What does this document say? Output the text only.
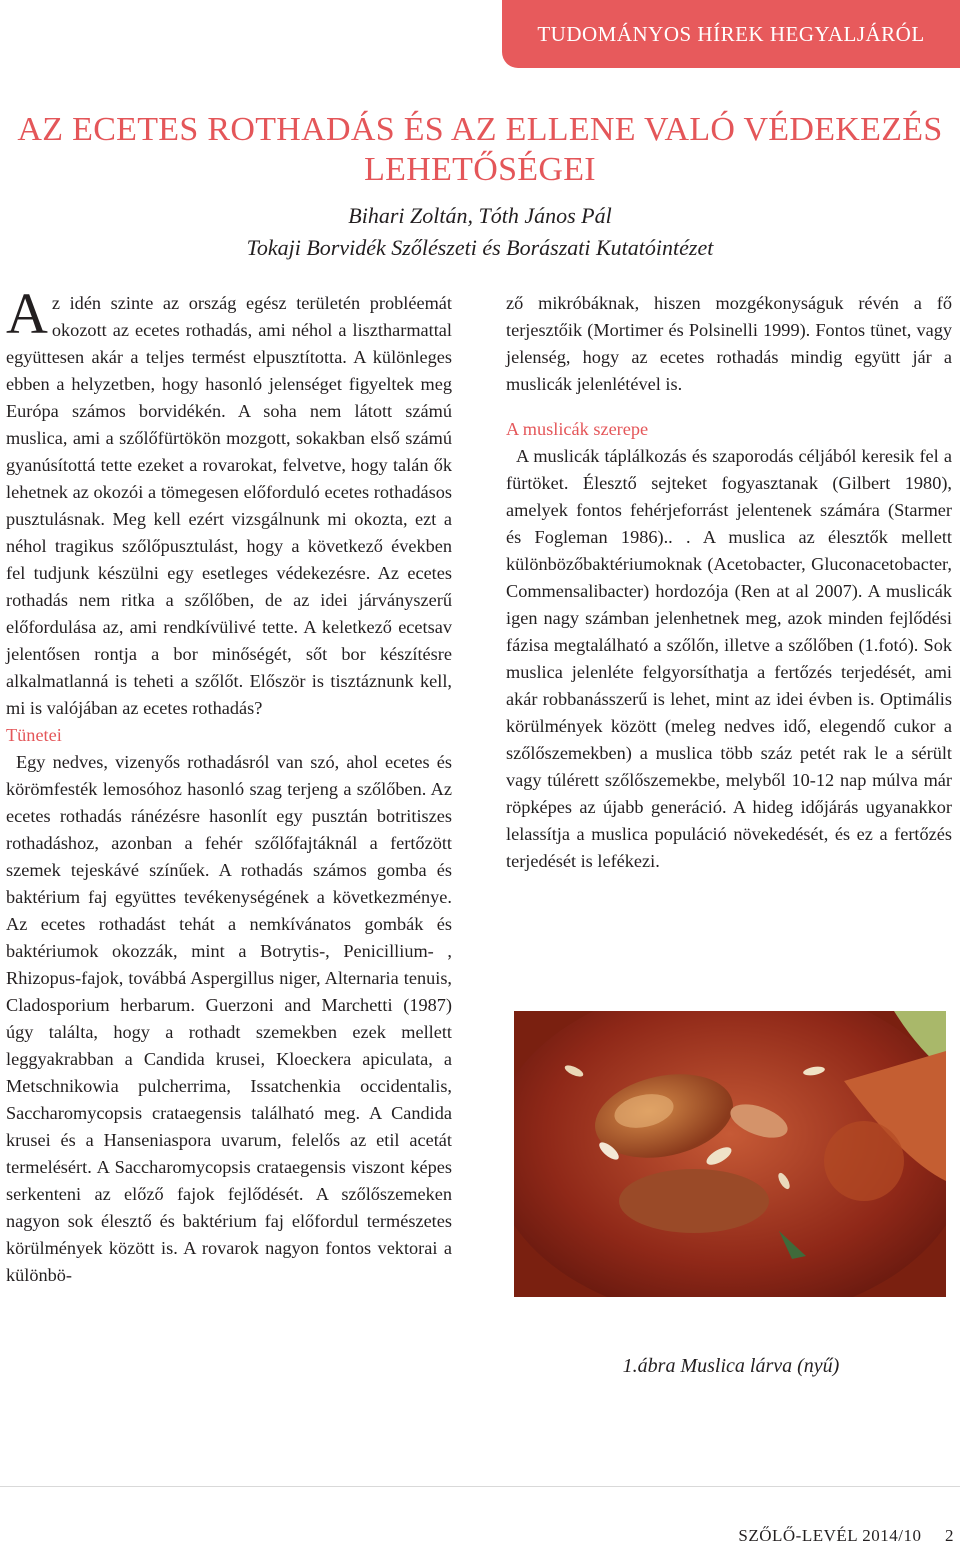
TUDOMÁNYOS HÍREK HEGYALJÁRÓL
AZ ECETES ROTHADÁS ÉS AZ ELLENE VALÓ VÉDEKEZÉS
LEHETŐSÉGEI
Bihari Zoltán, Tóth János Pál
Tokaji Borvidék Szőlészeti és Borászati Kutatóintézet

Az idén szinte az ország egész területén probléemát okozott az ecetes rothadás, ami néhol a lisztharmattal együttesen akár a teljes termést elpusztította. A különleges ebben a helyzetben, hogy hasonló jelenséget figyeltek meg Európa számos borvidékén. A soha nem látott számú muslica, ami a szőlőfürtökön mozgott, sokakban első számú gyanúsítottá tette ezeket a rovarokat, felvetve, hogy talán ők lehetnek az okozói a tömegesen előforduló ecetes rothadásos pusztulásnak. Meg kell ezért vizsgálnunk mi okozta, ezt a néhol tragikus szőlőpusztulást, hogy a következő években fel tudjunk készülni egy esetleges védekezésre. Az ecetes rothadás nem ritka a szőlőben, de az idei járványszerű előfordulása az, ami rendkívülivé tette. A keletkező ecetsav jelentősen rontja a bor minőségét, sőt bor készítésre alkalmatlanná is teheti a szőlőt. Először is tisztáznunk kell, mi is valójában az ecetes rothadás?

Tünetei

Egy nedves, vizenyős rothadásról van szó, ahol ecetes és körömfesték lemosóhoz hasonló szag terjeng a szőlőben. Az ecetes rothadás ránézésre hasonlít egy pusztán botritiszes rothadáshoz, azonban a fehér szőlőfajtáknál a fertőzött szemek tejeskávé színűek. A rothadás számos gomba és baktérium faj együttes tevékenységének a következménye. Az ecetes rothadást tehát a nemkívánatos gombák és baktériumok okozzák, mint a Botrytis-, Penicillium- , Rhizopus-fajok, továbbá Aspergillus niger, Alternaria tenuis, Cladosporium herbarum. Guerzoni and Marchetti (1987) úgy találta, hogy a rothadt szemekben ezek mellett leggyakrabban a Candida krusei, Kloeckera apiculata, a Metschnikowia pulcherrima, Issatchenkia occidentalis, Saccharomycopsis crataegensis található meg. A Candida krusei és a Hanseniaspora uvarum, felelős az etil acetát termelésért. A Saccharomycopsis crataegensis viszont képes serkenteni az előző fajok fejlődését. A szőlőszemeken nagyon sok élesztő és baktérium faj előfordul természetes körülmények között is. A rovarok nagyon fontos vektorai a különbö-

ző mikróbáknak, hiszen mozgékonyságuk révén a fő terjesztőik (Mortimer és Polsinelli 1999). Fontos tünet, vagy jelenség, hogy az ecetes rothadás mindig együtt jár a muslicák jelenlétével is.

A muslicák szerepe

A muslicák táplálkozás és szaporodás céljából keresik fel a fürtöket. Élesztő sejteket fogyasztanak (Gilbert 1980), amelyek fontos fehérjeforrást jelentenek számára (Starmer és Fogleman 1986).. . A muslica az élesztők mellett különbözőbaktériumoknak (Acetobacter, Gluconacetobacter, Commensalibacter) hordozója (Ren at al 2007). A muslicák igen nagy számban jelenhetnek meg, azok minden fejlődési fázisa megtalálható a szőlőn, illetve a szőlőben (1.fotó). Sok muslica jelenléte felgyorsíthatja a fertőzés terjedését, ami akár robbanásszerű is lehet, mint az idei évben is. Optimális körülmények között (meleg nedves idő, elegendő cukor a szőlőszemekben) a muslica több száz petét rak le a sérült vagy túlérett szőlőszemekbe, melyből 10-12 nap múlva már röpképes az újabb generáció. A hideg időjárás ugyanakkor lelassítja a muslica populáció növekedését, és ez a fertőzés terjedését is lefékezi.

1.ábra Muslica lárva (nyű)
SZŐLŐ-LEVÉL 2014/10 2
